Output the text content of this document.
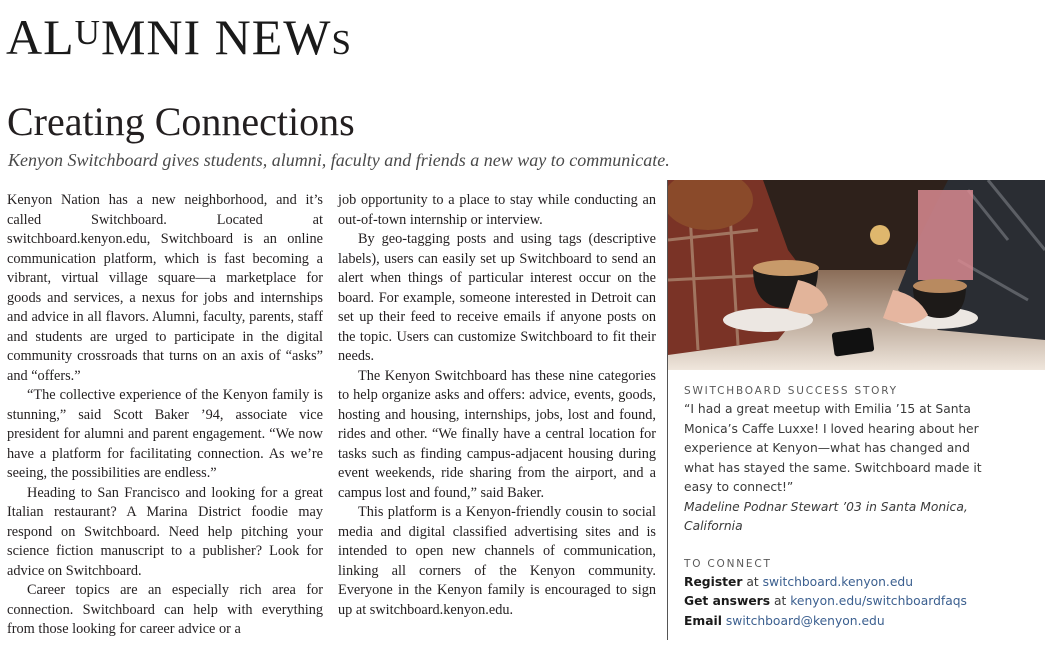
$AL^UMNI$ NEWS
Creating Connections
Kenyon Switchboard gives students, alumni, faculty and friends a new way to communicate.

Kenyon Nation has a new neighborhood, and it’s called Switchboard. Located at switchboard.kenyon.edu, Switchboard is an online communication platform, which is fast becoming a vibrant, virtual village square—a marketplace for goods and services, a nexus for jobs and internships and advice in all flavors. Alumni, faculty, parents, staff and students are urged to participate in the digital community crossroads that turns on an axis of “asks” and “offers.”

“The collective experience of the Kenyon family is stunning,” said Scott Baker ’94, associate vice president for alumni and parent engagement. “We now have a platform for facilitating connection. As we’re seeing, the possibilities are endless.”

Heading to San Francisco and looking for a great Italian restaurant? A Marina District foodie may respond on Switchboard. Need help pitching your science fiction manuscript to a publisher? Look for advice on Switchboard.

Career topics are an especially rich area for connection. Switchboard can help with everything from those looking for career advice or a

job opportunity to a place to stay while conducting an out-of-town internship or interview.

By geo-tagging posts and using tags (descriptive labels), users can easily set up Switchboard to send an alert when things of particular interest occur on the board. For example, someone interested in Detroit can set up their feed to receive emails if anyone posts on the topic. Users can customize Switchboard to fit their needs.

The Kenyon Switchboard has these nine categories to help organize asks and offers: advice, events, goods, hosting and housing, internships, jobs, lost and found, rides and other. “We finally have a central location for tasks such as finding campus-adjacent housing during event weekends, ride sharing from the airport, and a campus lost and found,” said Baker.

This platform is a Kenyon-friendly cousin to social media and digital classified advertising sites and is intended to open new channels of communication, linking all corners of the Kenyon community. Everyone in the Kenyon family is encouraged to sign up at switchboard.kenyon.edu.

SWITCHBOARD SUCCESS STORY
“I had a great meetup with Emilia ’15 at Santa
Monica’s Caffe Luxxe! I loved hearing about her
experience at Kenyon—what has changed and
what has stayed the same. Switchboard made it
easy to connect!”
Madeline Podnar Stewart ’03 in Santa Monica,
California
TO CONNECT
Register at switchboard.kenyon.edu
Get answers at kenyon.edu/switchboardfaqs
Email switchboard@kenyon.edu
